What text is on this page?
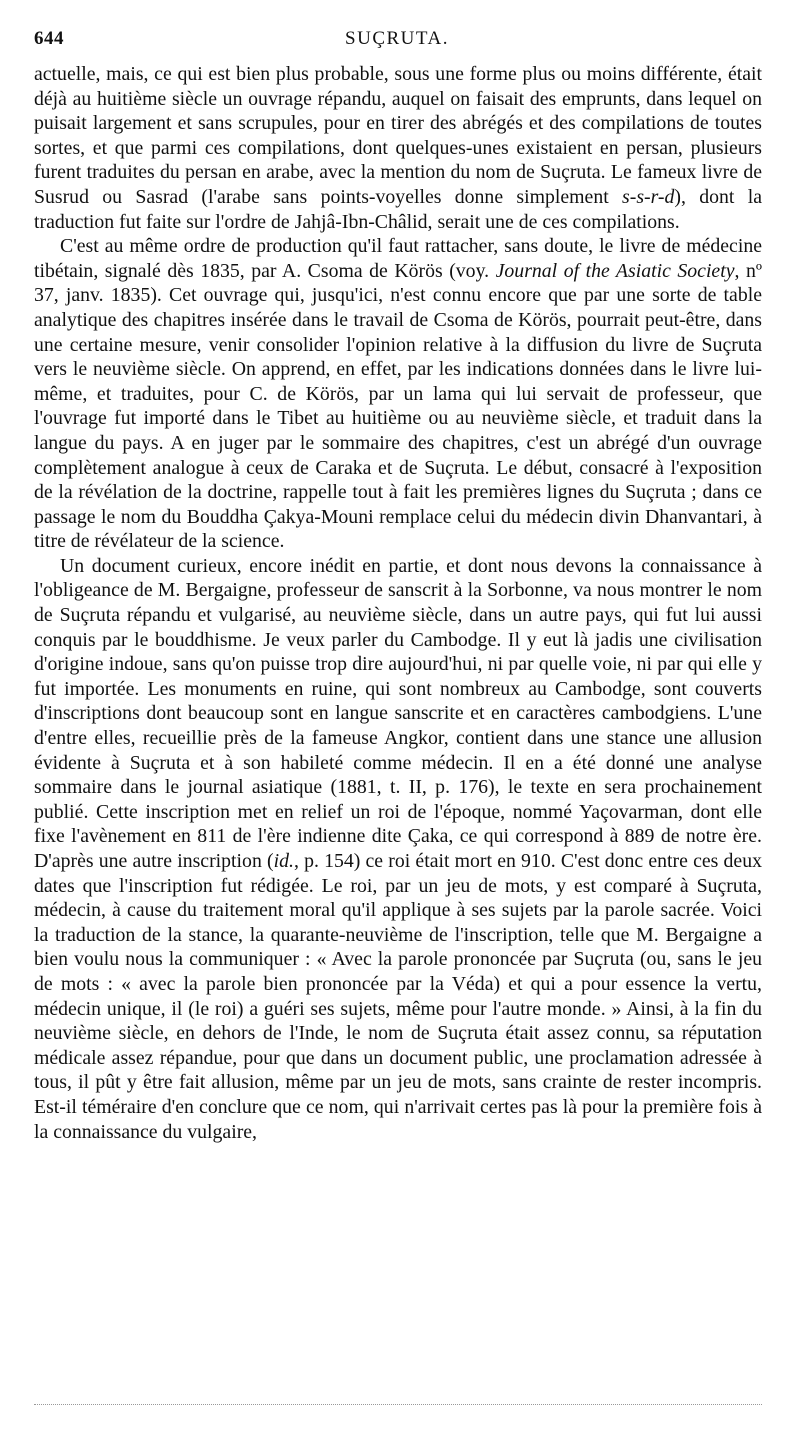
644	SUÇRUTA.

actuelle, mais, ce qui est bien plus probable, sous une forme plus ou moins différente, était déjà au huitième siècle un ouvrage répandu, auquel on faisait des emprunts, dans lequel on puisait largement et sans scrupules, pour en tirer des abrégés et des compilations de toutes sortes, et que parmi ces compilations, dont quelques-unes existaient en persan, plusieurs furent traduites du persan en arabe, avec la mention du nom de Suçruta. Le fameux livre de Susrud ou Sasrad (l'arabe sans points-voyelles donne simplement s-s-r-d), dont la traduction fut faite sur l'ordre de Jahjâ-Ibn-Châlid, serait une de ces compilations.

C'est au même ordre de production qu'il faut rattacher, sans doute, le livre de médecine tibétain, signalé dès 1835, par A. Csoma de Körös (voy. Journal of the Asiatic Society, nº 37, janv. 1835). Cet ouvrage qui, jusqu'ici, n'est connu encore que par une sorte de table analytique des chapitres insérée dans le travail de Csoma de Körös, pourrait peut-être, dans une certaine mesure, venir consolider l'opinion relative à la diffusion du livre de Suçruta vers le neuvième siècle. On apprend, en effet, par les indications données dans le livre lui-même, et traduites, pour C. de Körös, par un lama qui lui servait de professeur, que l'ouvrage fut importé dans le Tibet au huitième ou au neuvième siècle, et traduit dans la langue du pays. A en juger par le sommaire des chapitres, c'est un abrégé d'un ouvrage complètement analogue à ceux de Caraka et de Suçruta. Le début, consacré à l'exposition de la révélation de la doctrine, rappelle tout à fait les premières lignes du Suçruta ; dans ce passage le nom du Bouddha Çakya-Mouni remplace celui du médecin divin Dhanvantari, à titre de révélateur de la science.

Un document curieux, encore inédit en partie, et dont nous devons la connaissance à l'obligeance de M. Bergaigne, professeur de sanscrit à la Sorbonne, va nous montrer le nom de Suçruta répandu et vulgarisé, au neuvième siècle, dans un autre pays, qui fut lui aussi conquis par le bouddhisme. Je veux parler du Cambodge. Il y eut là jadis une civilisation d'origine indoue, sans qu'on puisse trop dire aujourd'hui, ni par quelle voie, ni par qui elle y fut importée. Les monuments en ruine, qui sont nombreux au Cambodge, sont couverts d'inscriptions dont beaucoup sont en langue sanscrite et en caractères cambodgiens. L'une d'entre elles, recueillie près de la fameuse Angkor, contient dans une stance une allusion évidente à Suçruta et à son habileté comme médecin. Il en a été donné une analyse sommaire dans le journal asiatique (1881, t. II, p. 176), le texte en sera prochainement publié. Cette inscription met en relief un roi de l'époque, nommé Yaçovarman, dont elle fixe l'avènement en 811 de l'ère indienne dite Çaka, ce qui correspond à 889 de notre ère. D'après une autre inscription (id., p. 154) ce roi était mort en 910. C'est donc entre ces deux dates que l'inscription fut rédigée. Le roi, par un jeu de mots, y est comparé à Suçruta, médecin, à cause du traitement moral qu'il applique à ses sujets par la parole sacrée. Voici la traduction de la stance, la quarante-neuvième de l'inscription, telle que M. Bergaigne a bien voulu nous la communiquer : « Avec la parole prononcée par Suçruta (ou, sans le jeu de mots : « avec la parole bien prononcée par la Véda) et qui a pour essence la vertu, médecin unique, il (le roi) a guéri ses sujets, même pour l'autre monde. » Ainsi, à la fin du neuvième siècle, en dehors de l'Inde, le nom de Suçruta était assez connu, sa réputation médicale assez répandue, pour que dans un document public, une proclamation adressée à tous, il pût y être fait allusion, même par un jeu de mots, sans crainte de rester incompris. Est-il téméraire d'en conclure que ce nom, qui n'arrivait certes pas là pour la première fois à la connaissance du vulgaire,
